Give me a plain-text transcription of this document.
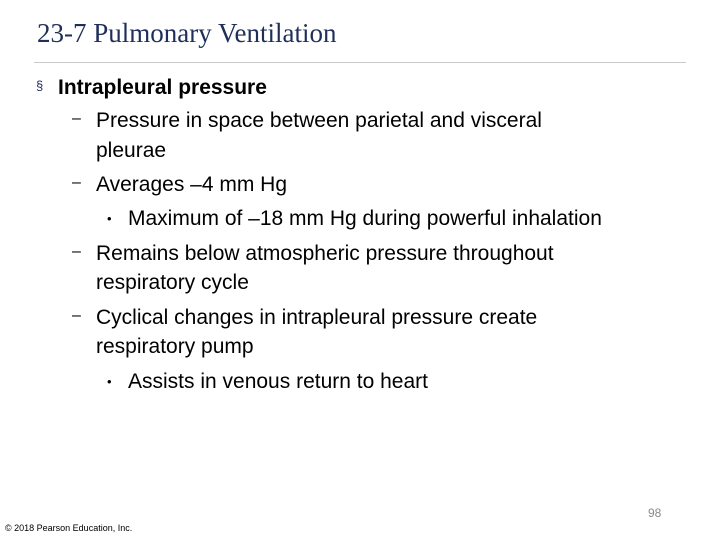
23-7 Pulmonary Ventilation
§ Intrapleural pressure
– Pressure in space between parietal and visceral
pleurae
– Averages –4 mm Hg
• Maximum of –18 mm Hg during powerful inhalation
– Remains below atmospheric pressure throughout
respiratory cycle
– Cyclical changes in intrapleural pressure create
respiratory pump
• Assists in venous return to heart
98
© 2018 Pearson Education, Inc.
